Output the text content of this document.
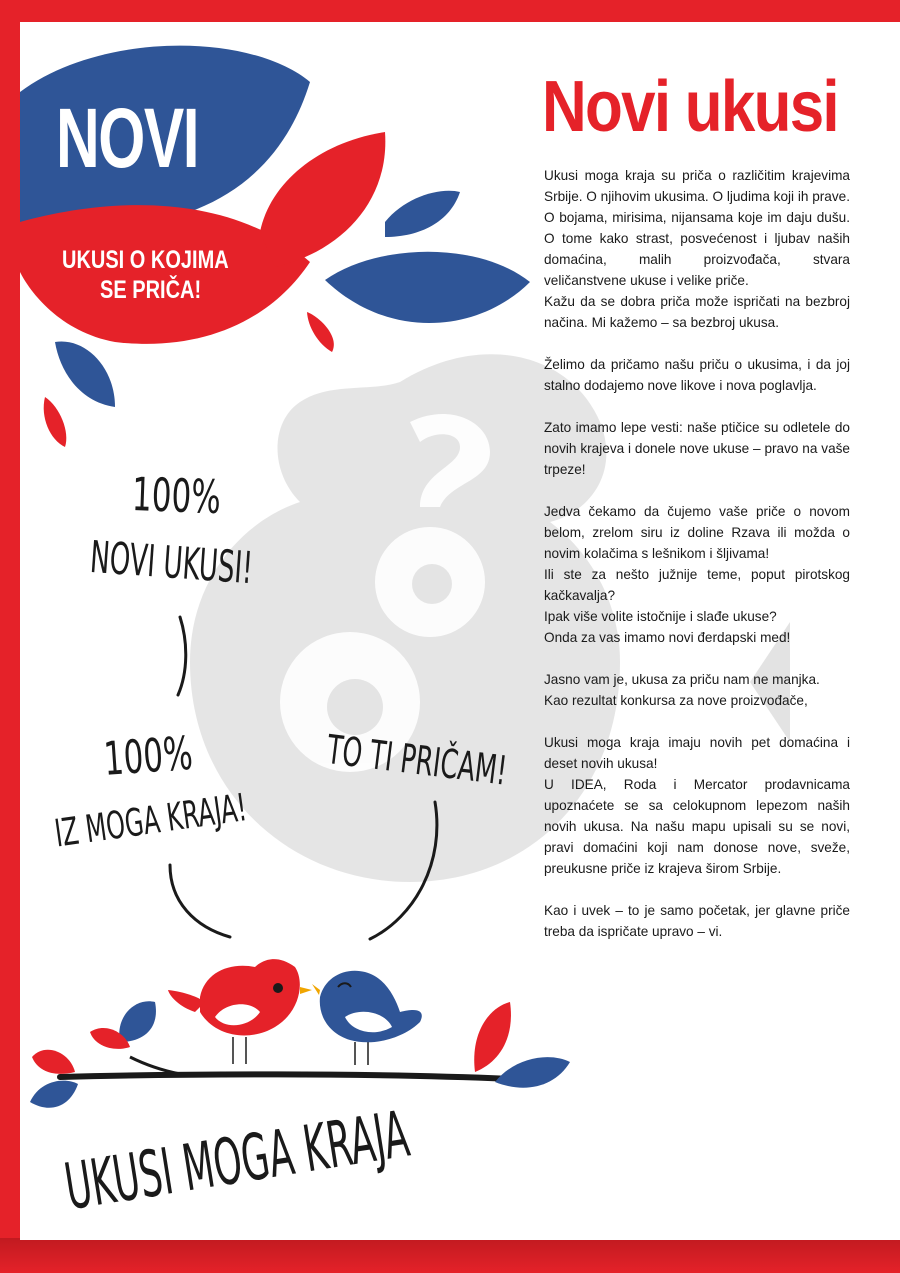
NOVI
UKUSI O KOJIMA
SE PRIČA!
Novi ukusi

Ukusi moga kraja su priča o različitim krajevima Srbije. O njihovim ukusima. O ljudima koji ih prave. O bojama, mirisima, nijansama koje im daju dušu. O tome kako strast, posvećenost i ljubav naših domaćina, malih proizvođača, stvara veličanstvene ukuse i velike priče.
Kažu da se dobra priča može ispričati na bezbroj načina. Mi kažemo – sa bezbroj ukusa.

Želimo da pričamo našu priču o ukusima, i da joj stalno dodajemo nove likove i nova poglavlja.

Zato imamo lepe vesti: naše ptičice su odletele do novih krajeva i donele nove ukuse – pravo na vaše trpeze!

Jedva čekamo da čujemo vaše priče o novom belom, zrelom siru iz doline Rzava ili možda o novim kolačima s lešnikom i šljivama!
Ili ste za nešto južnije teme, poput pirotskog kačkavalja?
Ipak više volite istočnije i slađe ukuse?
Onda za vas imamo novi đerdapski med!

Jasno vam je, ukusa za priču nam ne manjka.
Kao rezultat konkursa za nove proizvođače,

Ukusi moga kraja imaju novih pet domaćina i deset novih ukusa!
U IDEA, Roda i Mercator prodavnicama upoznaćete se sa celokupnom lepezom naših novih ukusa. Na našu mapu upisali su se novi, pravi domaćini koji nam donose nove, sveže, preukusne priče iz krajeva širom Srbije.

Kao i uvek – to je samo početak, jer glavne priče treba da ispričate upravo – vi.

100%
NOVI UKUSI!
100%
IZ MOGA KRAJA!
TO TI PRIČAM!
UKUSI MOGA KRAJA
